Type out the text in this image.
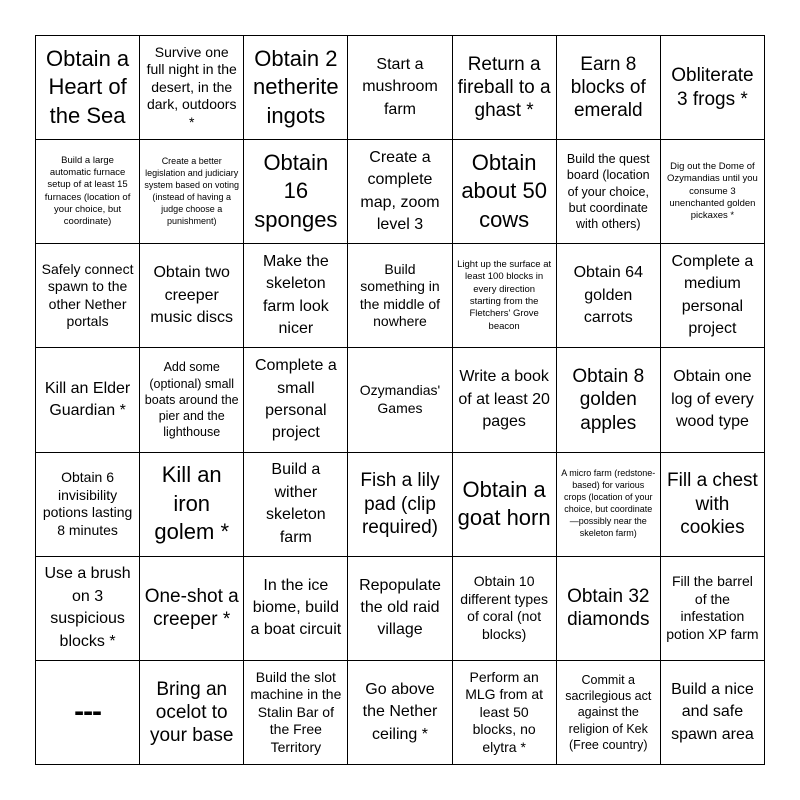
Obtain a Heart of the Sea
Survive one full night in the desert, in the dark, outdoors *
Obtain 2 netherite ingots
Start a mushroom farm
Return a fireball to a ghast *
Earn 8 blocks of emerald
Obliterate 3 frogs *
Build a large automatic furnace setup of at least 15 furnaces (location of your choice, but coordinate)
Create a better legislation and judiciary system based on voting (instead of having a judge choose a punishment)
Obtain 16 sponges
Create a complete map, zoom level 3
Obtain about 50 cows
Build the quest board (location of your choice, but coordinate with others)
Dig out the Dome of Ozymandias until you consume 3 unenchanted golden pickaxes *
Safely connect spawn to the other Nether portals
Obtain two creeper music discs
Make the skeleton farm look nicer
Build something in the middle of nowhere
Light up the surface at least 100 blocks in every direction starting from the Fletchers' Grove beacon
Obtain 64 golden carrots
Complete a medium personal project
Kill an Elder Guardian *
Add some (optional) small boats around the pier and the lighthouse
Complete a small personal project
Ozymandias' Games
Write a book of at least 20 pages
Obtain 8 golden apples
Obtain one log of every wood type
Obtain 6 invisibility potions lasting 8 minutes
Kill an iron golem *
Build a wither skeleton farm
Fish a lily pad (clip required)
Obtain a goat horn
A micro farm (redstone-based) for various crops (location of your choice, but coordinate—possibly near the skeleton farm)
Fill a chest with cookies
Use a brush on 3 suspicious blocks *
One-shot a creeper *
In the ice biome, build a boat circuit
Repopulate the old raid village
Obtain 10 different types of coral (not blocks)
Obtain 32 diamonds
Fill the barrel of the infestation potion XP farm
---
Bring an ocelot to your base
Build the slot machine in the Stalin Bar of the Free Territory
Go above the Nether ceiling *
Perform an MLG from at least 50 blocks, no elytra *
Commit a sacrilegious act against the religion of Kek (Free country)
Build a nice and safe spawn area
